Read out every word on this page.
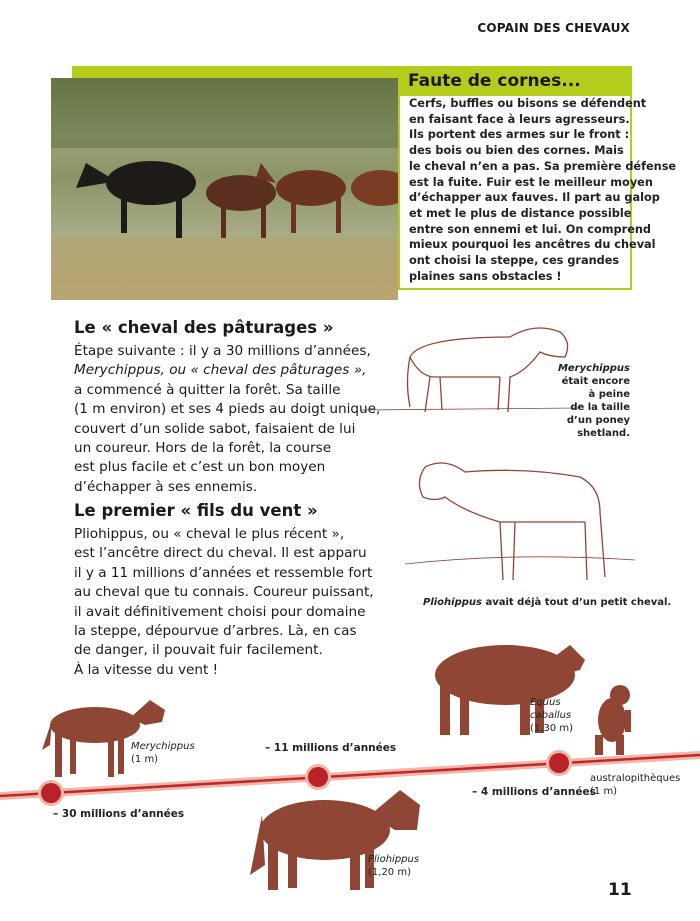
COPAIN DES CHEVAUX
Faute de cornes...
Cerfs, buffles ou bisons se défendent
en faisant face à leurs agresseurs.
Ils portent des armes sur le front :
des bois ou bien des cornes. Mais
le cheval n’en a pas. Sa première défense
est la fuite. Fuir est le meilleur moyen
d’échapper aux fauves. Il part au galop
et met le plus de distance possible
entre son ennemi et lui. On comprend
mieux pourquoi les ancêtres du cheval
ont choisi la steppe, ces grandes
plaines sans obstacles !
Le « cheval des pâturages »
Étape suivante : il y a 30 millions d’années,
Merychippus, ou « cheval des pâturages »,
a commencé à quitter la forêt. Sa taille
(1 m environ) et ses 4 pieds au doigt unique,
couvert d’un solide sabot, faisaient de lui
un coureur. Hors de la forêt, la course
est plus facile et c’est un bon moyen
d’échapper à ses ennemis.
Le premier « fils du vent »
Pliohippus, ou « cheval le plus récent »,
est l’ancêtre direct du cheval. Il est apparu
il y a 11 millions d’années et ressemble fort
au cheval que tu connais. Coureur puissant,
il avait définitivement choisi pour domaine
la steppe, dépourvue d’arbres. Là, en cas
de danger, il pouvait fuir facilement.
À la vitesse du vent !
Merychippus
était encore
à peine
de la taille
d’un poney
shetland.
Pliohippus avait déjà tout d’un petit cheval.
– 30 millions d’années
– 11 millions d’années
– 4 millions d’années
Merychippus
(1 m)
Pliohippus
(1,20 m)
Equus
caballus
(1,30 m)
australopithèques
(1 m)
11
